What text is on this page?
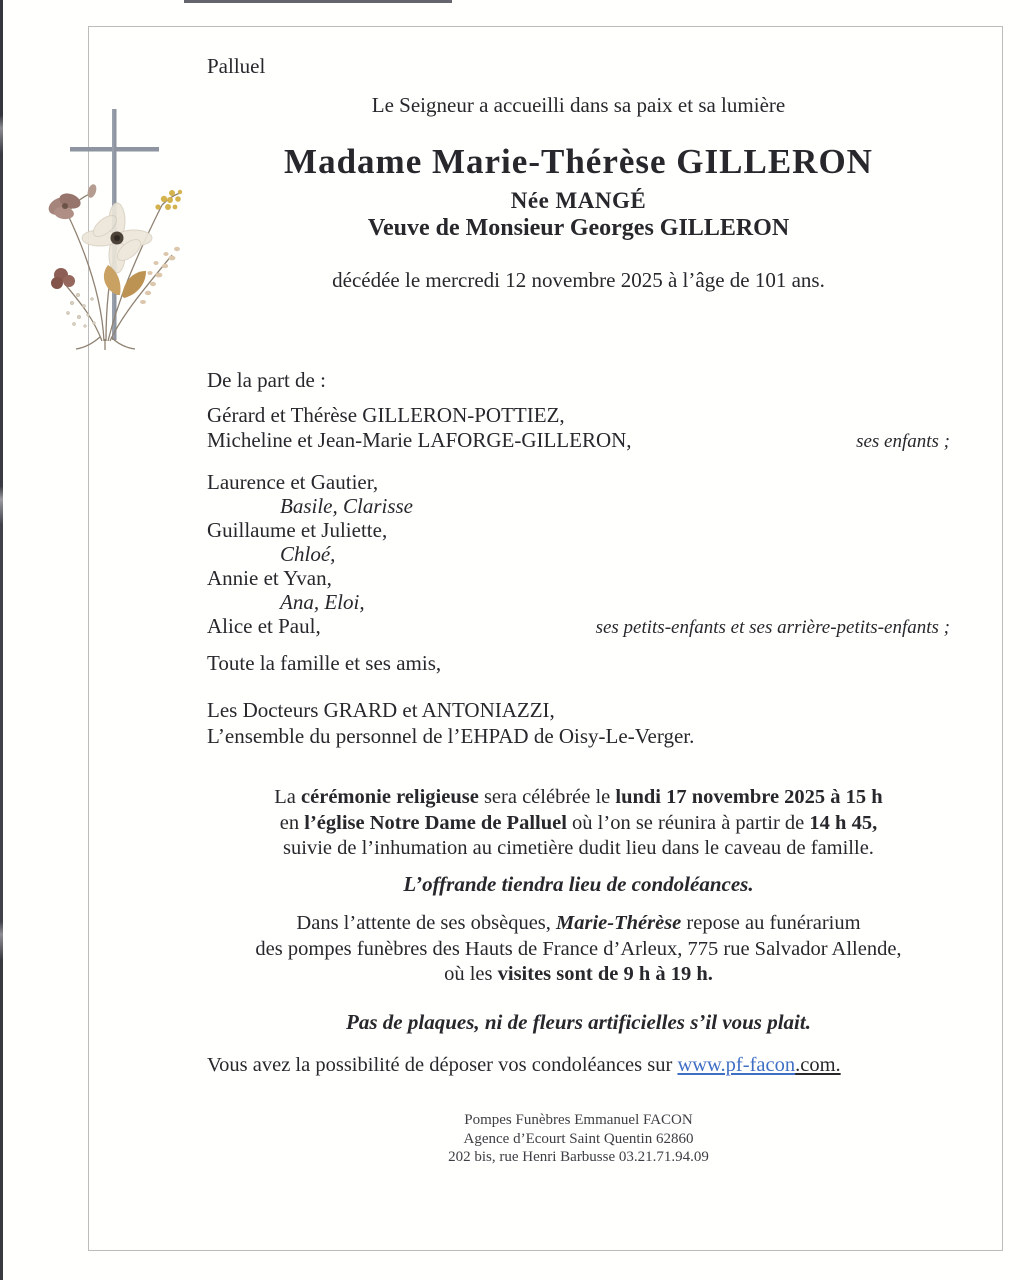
Palluel
Le Seigneur a accueilli dans sa paix et sa lumière
Madame Marie-Thérèse GILLERON
Née MANGÉ
Veuve de Monsieur Georges GILLERON
décédée le mercredi 12 novembre 2025 à l’âge de 101 ans.
De la part de :
Gérard et Thérèse GILLERON-POTTIEZ,
Micheline et Jean-Marie LAFORGE-GILLERON,	ses enfants ;
Laurence et Gautier,
Basile, Clarisse
Guillaume et Juliette,
Chloé,
Annie et Yvan,
Ana, Eloi,
Alice et Paul,	ses petits-enfants et ses arrière-petits-enfants ;
Toute la famille et ses amis,
Les Docteurs GRARD et ANTONIAZZI,
L’ensemble du personnel de l’EHPAD de Oisy-Le-Verger.
La cérémonie religieuse sera célébrée le lundi 17 novembre 2025 à 15 h
en l’église Notre Dame de Palluel où l’on se réunira à partir de 14 h 45,
suivie de l’inhumation au cimetière dudit lieu dans le caveau de famille.
L’offrande tiendra lieu de condoléances.
Dans l’attente de ses obsèques, Marie-Thérèse repose au funérarium
des pompes funèbres des Hauts de France d’Arleux, 775 rue Salvador Allende,
où les visites sont de 9 h à 19 h.
Pas de plaques, ni de fleurs artificielles s’il vous plait.
Vous avez la possibilité de déposer vos condoléances sur www.pf-facon.com.
Pompes Funèbres Emmanuel FACON
Agence d’Ecourt Saint Quentin 62860
202 bis, rue Henri Barbusse 03.21.71.94.09
